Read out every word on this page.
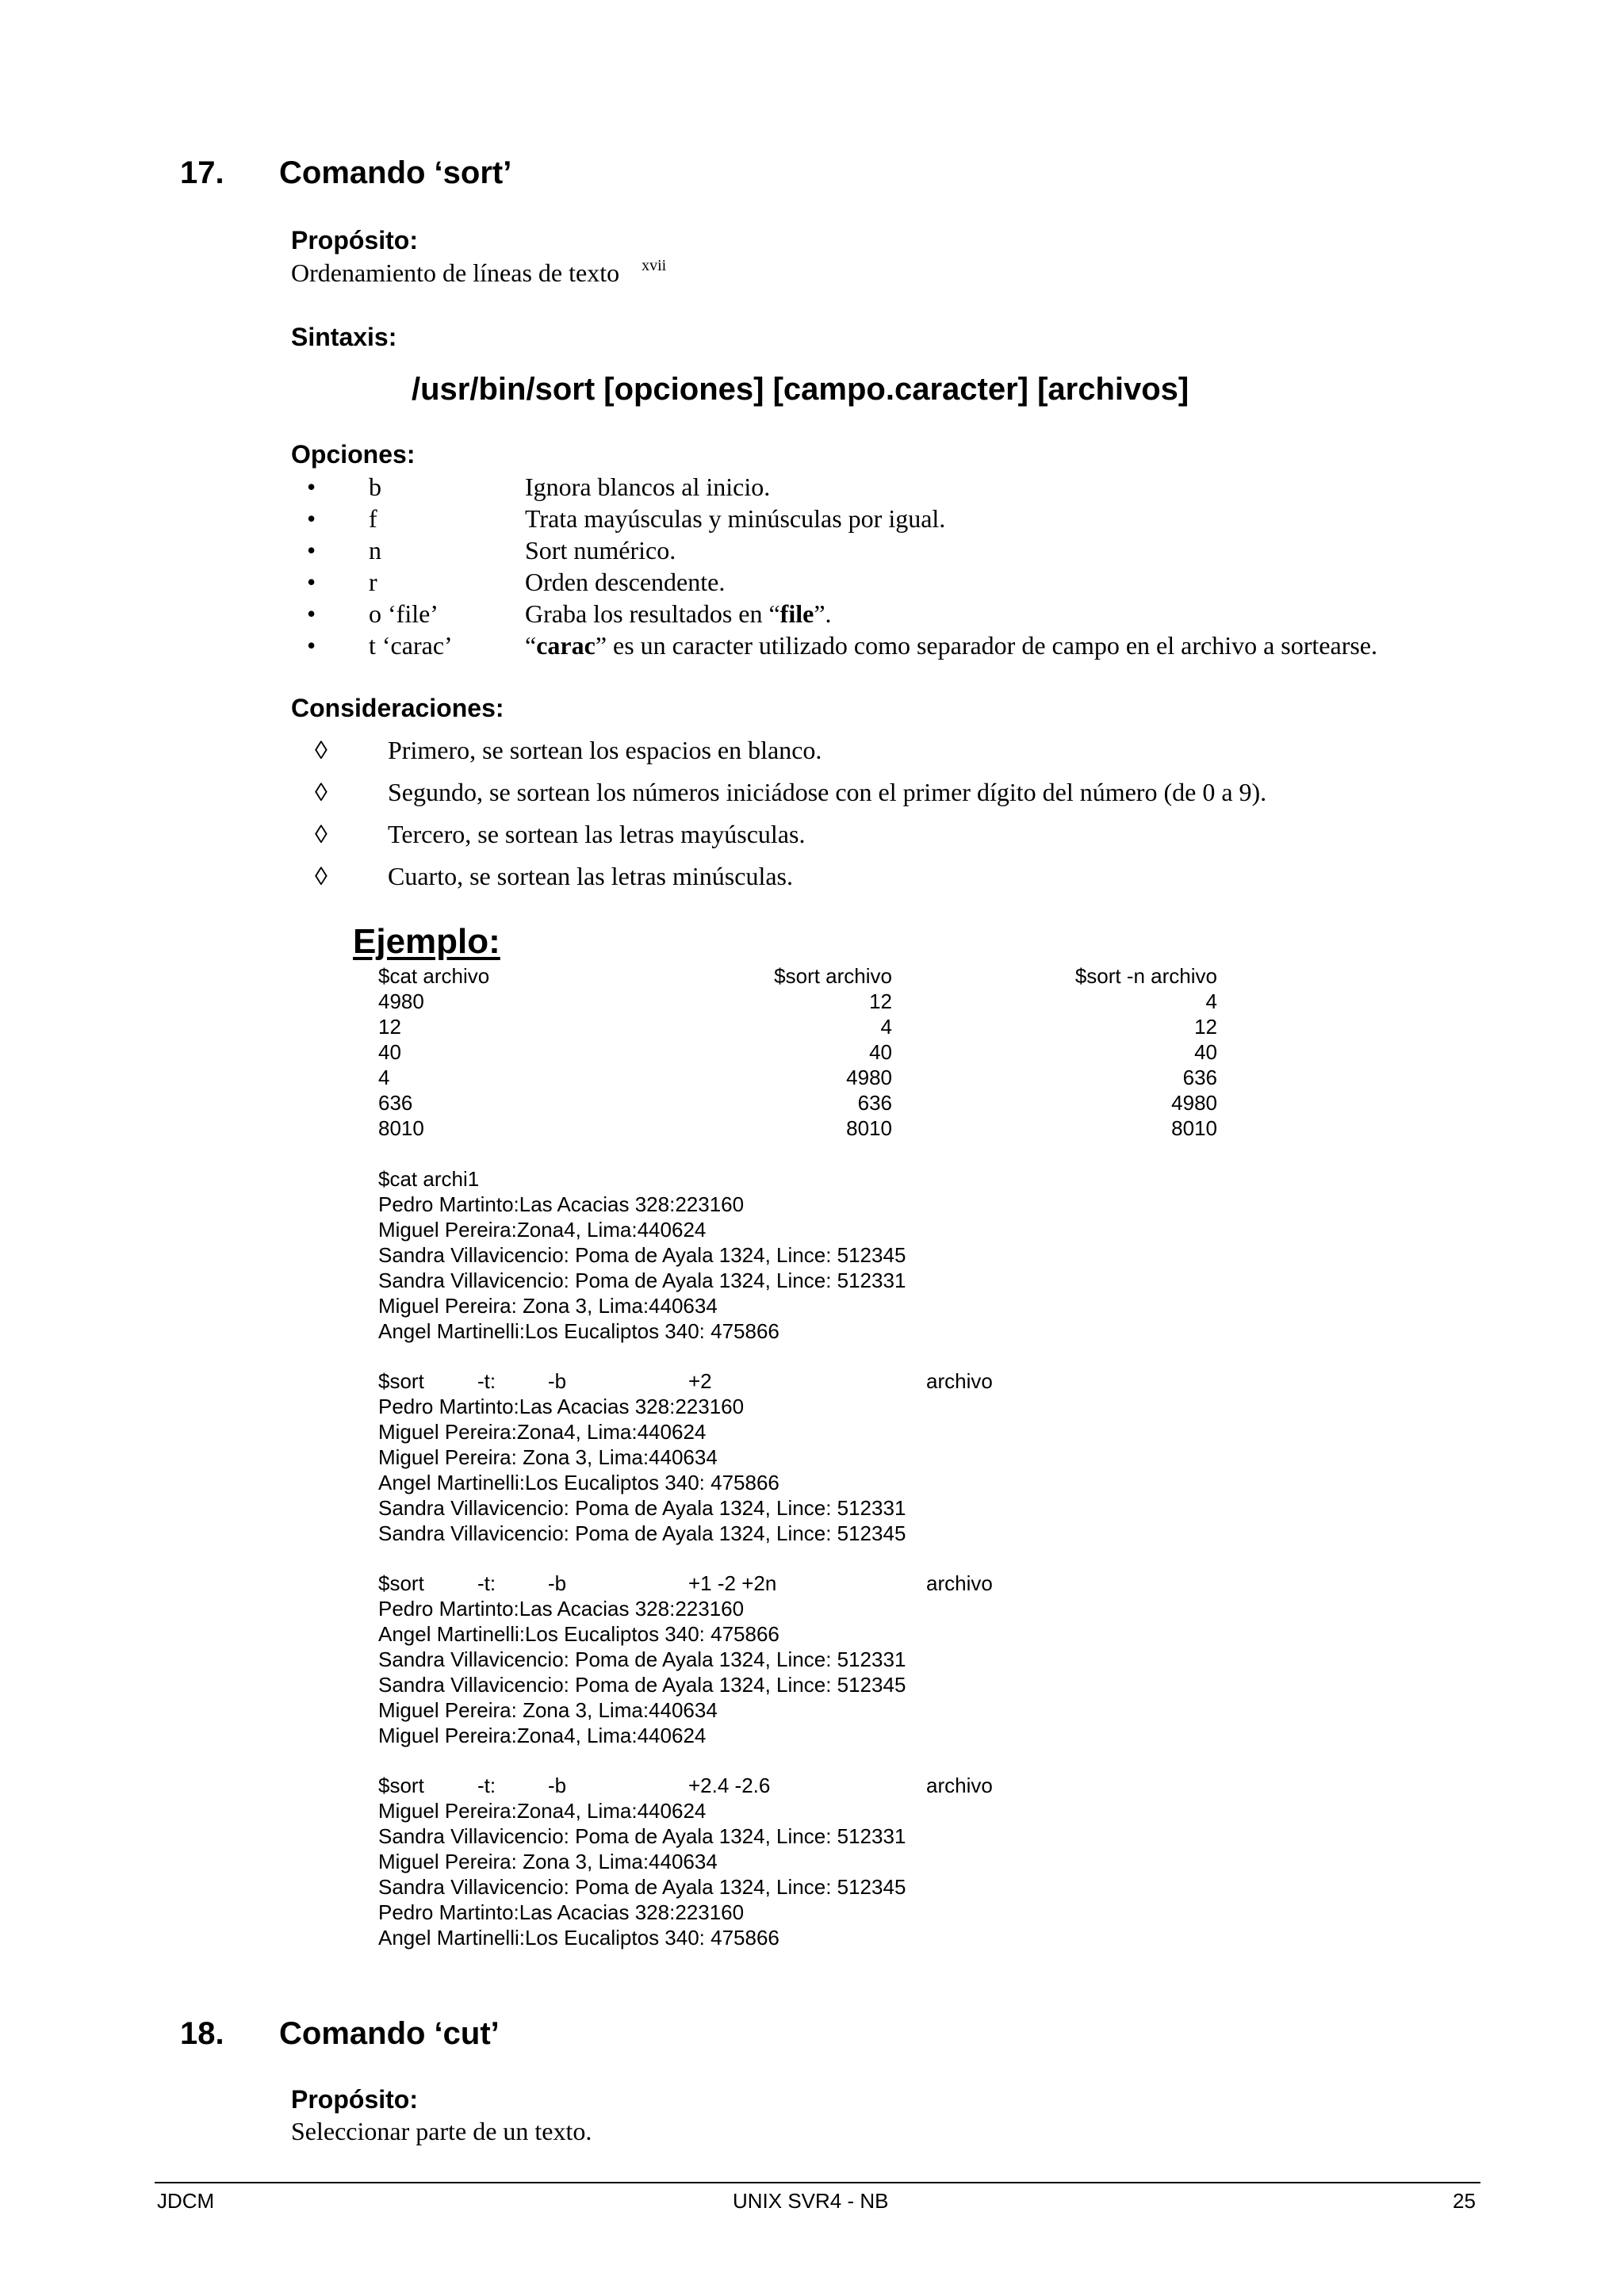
17. Comando ‘sort’
Propósito:
Ordenamiento de líneas de texto $^{xvii}$
Sintaxis:
/usr/bin/sort [opciones] [campo.caracter] [archivos]
Opciones:
• b	Ignora blancos al inicio.
• f	Trata mayúsculas y minúsculas por igual.
• n	Sort numérico.
• r	Orden descendente.
• o ‘file’	Graba los resultados en “file”.
• t ‘carac’	“carac” es un caracter utilizado como separador de campo en el archivo a sortearse.
Consideraciones:
◊ Primero, se sortean los espacios en blanco.
◊ Segundo, se sortean los números iniciádose con el primer dígito del número (de 0 a 9).
◊ Tercero, se sortean las letras mayúsculas.
◊ Cuarto, se sortean las letras minúsculas.
Ejemplo:
$cat archivo	$sort archivo	$sort -n archivo
4980	12	4
12	4	12
40	40	40
4	4980	636
636	636	4980
8010	8010	8010
$cat archi1
Pedro Martinto:Las Acacias 328:223160
Miguel Pereira:Zona4, Lima:440624
Sandra Villavicencio: Poma de Ayala 1324, Lince: 512345
Sandra Villavicencio: Poma de Ayala 1324, Lince: 512331
Miguel Pereira: Zona 3, Lima:440634
Angel Martinelli:Los Eucaliptos 340: 475866
$sort	-t:	-b	+2	archivo
Pedro Martinto:Las Acacias 328:223160
Miguel Pereira:Zona4, Lima:440624
Miguel Pereira: Zona 3, Lima:440634
Angel Martinelli:Los Eucaliptos 340: 475866
Sandra Villavicencio: Poma de Ayala 1324, Lince: 512331
Sandra Villavicencio: Poma de Ayala 1324, Lince: 512345
$sort	-t:	-b	+1 -2 +2n	archivo
Pedro Martinto:Las Acacias 328:223160
Angel Martinelli:Los Eucaliptos 340: 475866
Sandra Villavicencio: Poma de Ayala 1324, Lince: 512331
Sandra Villavicencio: Poma de Ayala 1324, Lince: 512345
Miguel Pereira: Zona 3, Lima:440634
Miguel Pereira:Zona4, Lima:440624
$sort	-t:	-b	+2.4 -2.6	archivo
Miguel Pereira:Zona4, Lima:440624
Sandra Villavicencio: Poma de Ayala 1324, Lince: 512331
Miguel Pereira: Zona 3, Lima:440634
Sandra Villavicencio: Poma de Ayala 1324, Lince: 512345
Pedro Martinto:Las Acacias 328:223160
Angel Martinelli:Los Eucaliptos 340: 475866
18. Comando ‘cut’
Propósito:
Seleccionar parte de un texto.
JDCM	UNIX SVR4 - NB	25
